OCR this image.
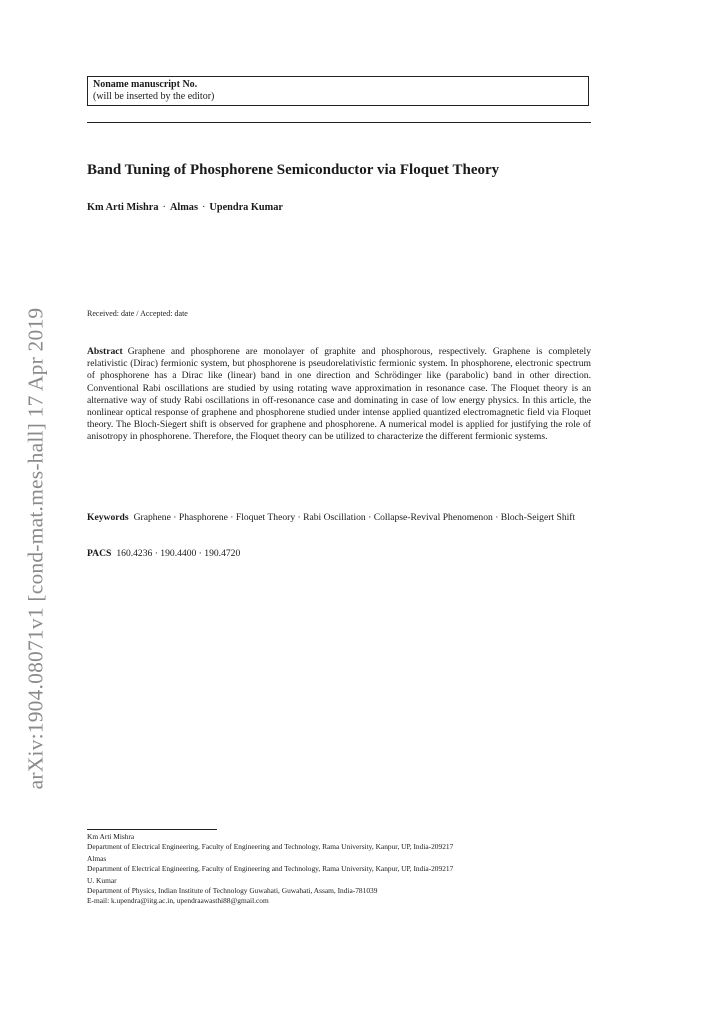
arXiv:1904.08071v1 [cond-mat.mes-hall] 17 Apr 2019
Noname manuscript No.
(will be inserted by the editor)
Band Tuning of Phosphorene Semiconductor via Floquet Theory
Km Arti Mishra · Almas · Upendra Kumar
Received: date / Accepted: date
Abstract Graphene and phosphorene are monolayer of graphite and phosphorous, respectively. Graphene is completely relativistic (Dirac) fermionic system, but phosphorene is pseudorelativistic fermionic system. In phosphorene, electronic spectrum of phosphorene has a Dirac like (linear) band in one direction and Schrödinger like (parabolic) band in other direction. Conventional Rabi oscillations are studied by using rotating wave approximation in resonance case. The Floquet theory is an alternative way of study Rabi oscillations in off-resonance case and dominating in case of low energy physics. In this article, the nonlinear optical response of graphene and phosphorene studied under intense applied quantized electromagnetic field via Floquet theory. The Bloch-Siegert shift is observed for graphene and phosphorene. A numerical model is applied for justifying the role of anisotropy in phosphorene. Therefore, the Floquet theory can be utilized to characterize the different fermionic systems.
Keywords Graphene · Phasphorene · Floquet Theory · Rabi Oscillation · Collapse-Revival Phenomenon · Bloch-Seigert Shift
PACS 160.4236 · 190.4400 · 190.4720
Km Arti Mishra
Department of Electrical Engineering, Faculty of Engineering and Technology, Rama University, Kanpur, UP, India-209217
Almas
Department of Electrical Engineering, Faculty of Engineering and Technology, Rama University, Kanpur, UP, India-209217
U. Kumar
Department of Physics, Indian Institute of Technology Guwahati, Guwahati, Assam, India-781039
E-mail: k.upendra@iitg.ac.in, upendraawasthi88@gmail.com
